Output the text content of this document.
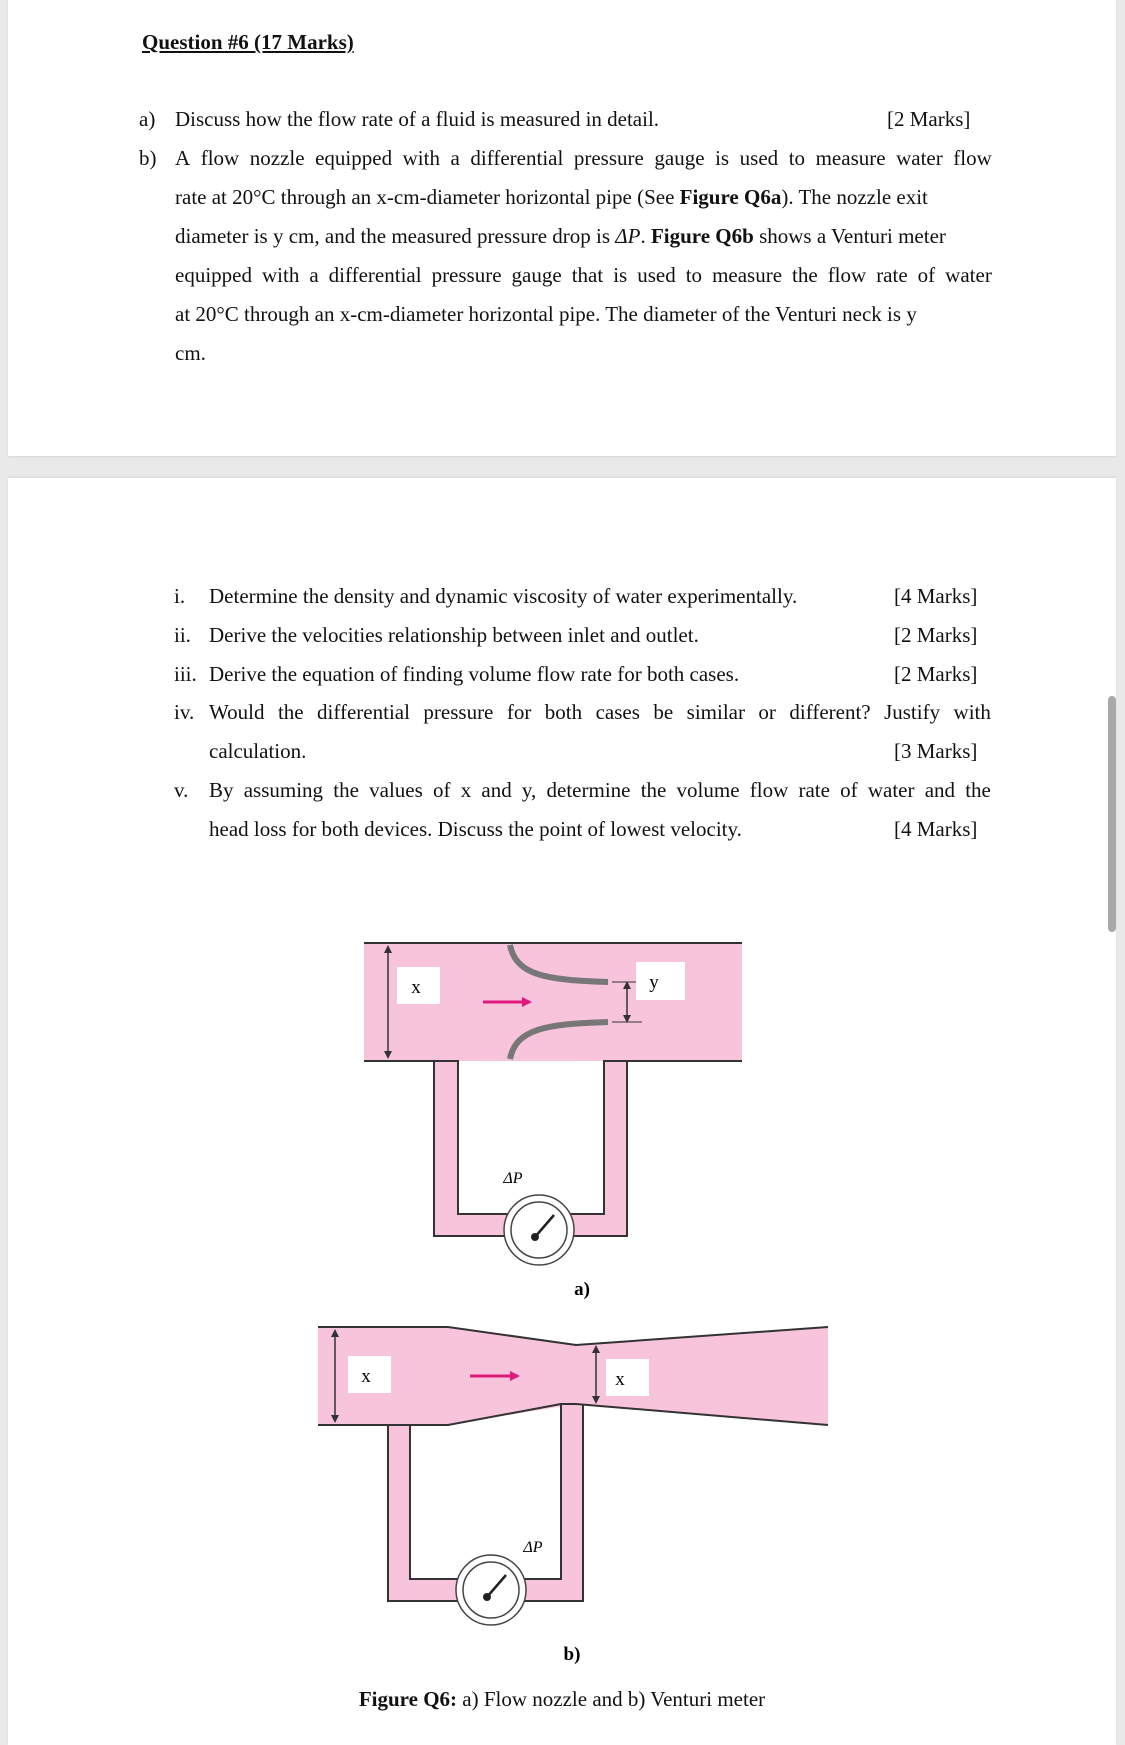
Question #6 (17 Marks)
a) Discuss how the flow rate of a fluid is measured in detail.	[2 Marks]
b) A flow nozzle equipped with a differential pressure gauge is used to measure water flow
rate at 20°C through an x-cm-diameter horizontal pipe (See Figure Q6a). The nozzle exit
diameter is y cm, and the measured pressure drop is ΔP. Figure Q6b shows a Venturi meter
equipped with a differential pressure gauge that is used to measure the flow rate of water
at 20°C through an x-cm-diameter horizontal pipe. The diameter of the Venturi neck is y
cm.
i. Determine the density and dynamic viscosity of water experimentally.	[4 Marks]
ii. Derive the velocities relationship between inlet and outlet.	[2 Marks]
iii. Derive the equation of finding volume flow rate for both cases.	[2 Marks]
iv. Would the differential pressure for both cases be similar or different? Justify with
calculation.	[3 Marks]
v. By assuming the values of x and y, determine the volume flow rate of water and the
head loss for both devices. Discuss the point of lowest velocity.	[4 Marks]
x	y
ΔP
a)
x	x
ΔP
b)
Figure Q6: a) Flow nozzle and b) Venturi meter
